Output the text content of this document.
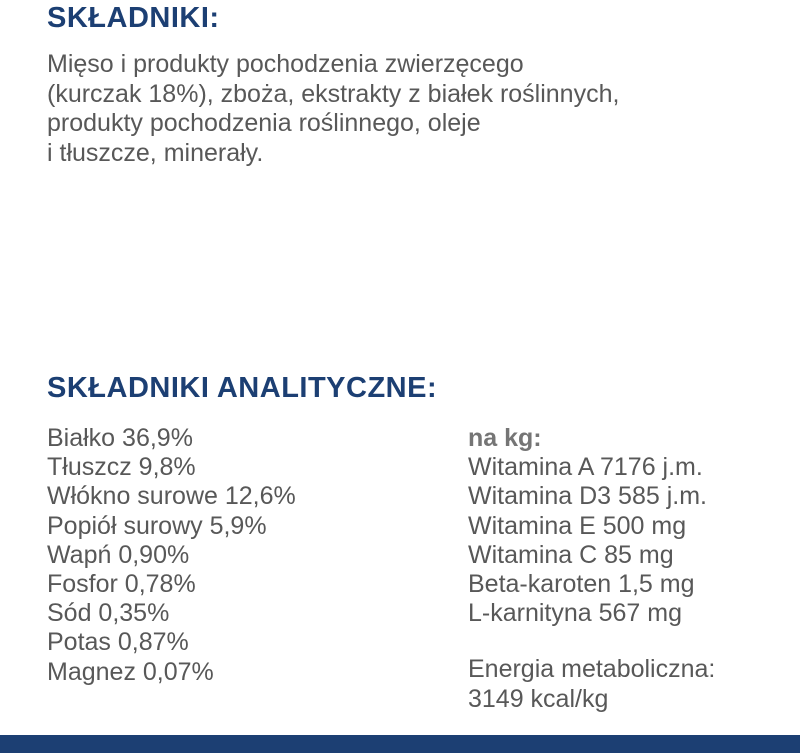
SKŁADNIKI:

Mięso i produkty pochodzenia zwierzęcego
(kurczak 18%), zboża, ekstrakty z białek roślinnych,
produkty pochodzenia roślinnego, oleje
i tłuszcze, minerały.

SKŁADNIKI ANALITYCZNE:
Białko 36,9%
Tłuszcz 9,8%
Włókno surowe 12,6%
Popiół surowy 5,9%
Wapń 0,90%
Fosfor 0,78%
Sód 0,35%
Potas 0,87%
Magnez 0,07%
na kg:
Witamina A 7176 j.m.
Witamina D3 585 j.m.
Witamina E 500 mg
Witamina C 85 mg
Beta-karoten 1,5 mg
L-karnityna 567 mg

Energia metaboliczna:
3149 kcal/kg
